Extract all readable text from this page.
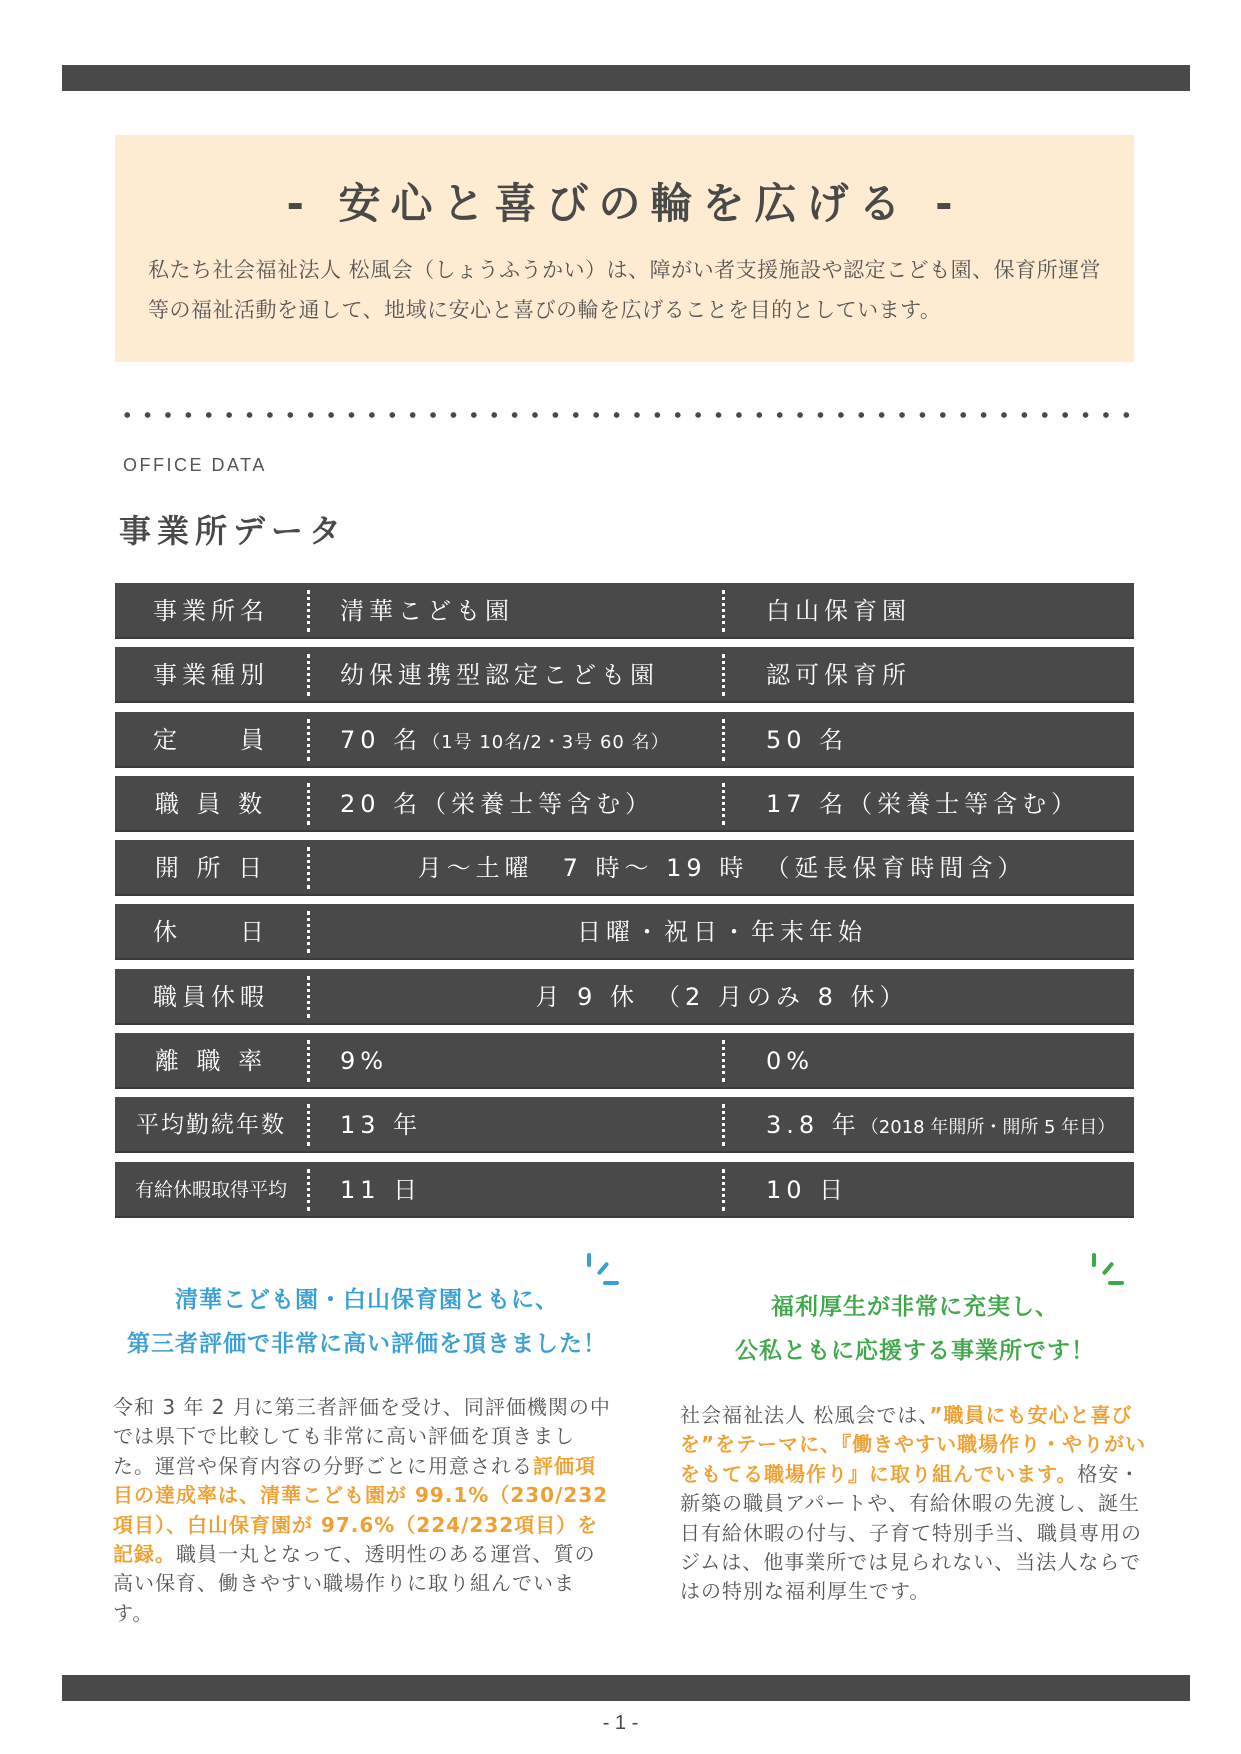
- 安心と喜びの輪を広げる -
私たち社会福祉法人 松風会（しょうふうかい）は、障がい者支援施設や認定こども園、保育所運営等の福祉活動を通して、地域に安心と喜びの輪を広げることを目的としています。
OFFICE DATA
事業所データ
事業所名	清華こども園	白山保育園
事業種別	幼保連携型認定こども園	認可保育所
定　　員	70 名（1号 10名/2・3号 60 名）	50 名
職 員 数	20 名（栄養士等含む）	17 名（栄養士等含む）
開 所 日	月～土曜　7 時～ 19 時　（延長保育時間含）
休　　日	日曜・祝日・年末年始
職員休暇	月 9 休　（2 月のみ 8 休）
離 職 率	9%	0%
平均勤続年数	13 年	3.8 年（2018 年開所・開所 5 年目）
有給休暇取得平均	11 日	10 日
清華こども園・白山保育園ともに、
第三者評価で非常に高い評価を頂きました！
福利厚生が非常に充実し、
公私ともに応援する事業所です！
令和 3 年 2 月に第三者評価を受け、同評価機関の中では県下で比較しても非常に高い評価を頂きました。運営や保育内容の分野ごとに用意される評価項目の達成率は、清華こども園が 99.1%（230/232 項目）、白山保育園が 97.6%（224/232項目）を記録。職員一丸となって、透明性のある運営、質の高い保育、働きやすい職場作りに取り組んでいます。
社会福祉法人 松風会では、”職員にも安心と喜びを”をテーマに、『働きやすい職場作り・やりがいをもてる職場作り』に取り組んでいます。格安・新築の職員アパートや、有給休暇の先渡し、誕生日有給休暇の付与、子育て特別手当、職員専用のジムは、他事業所では見られない、当法人ならではの特別な福利厚生です。
- 1 -
